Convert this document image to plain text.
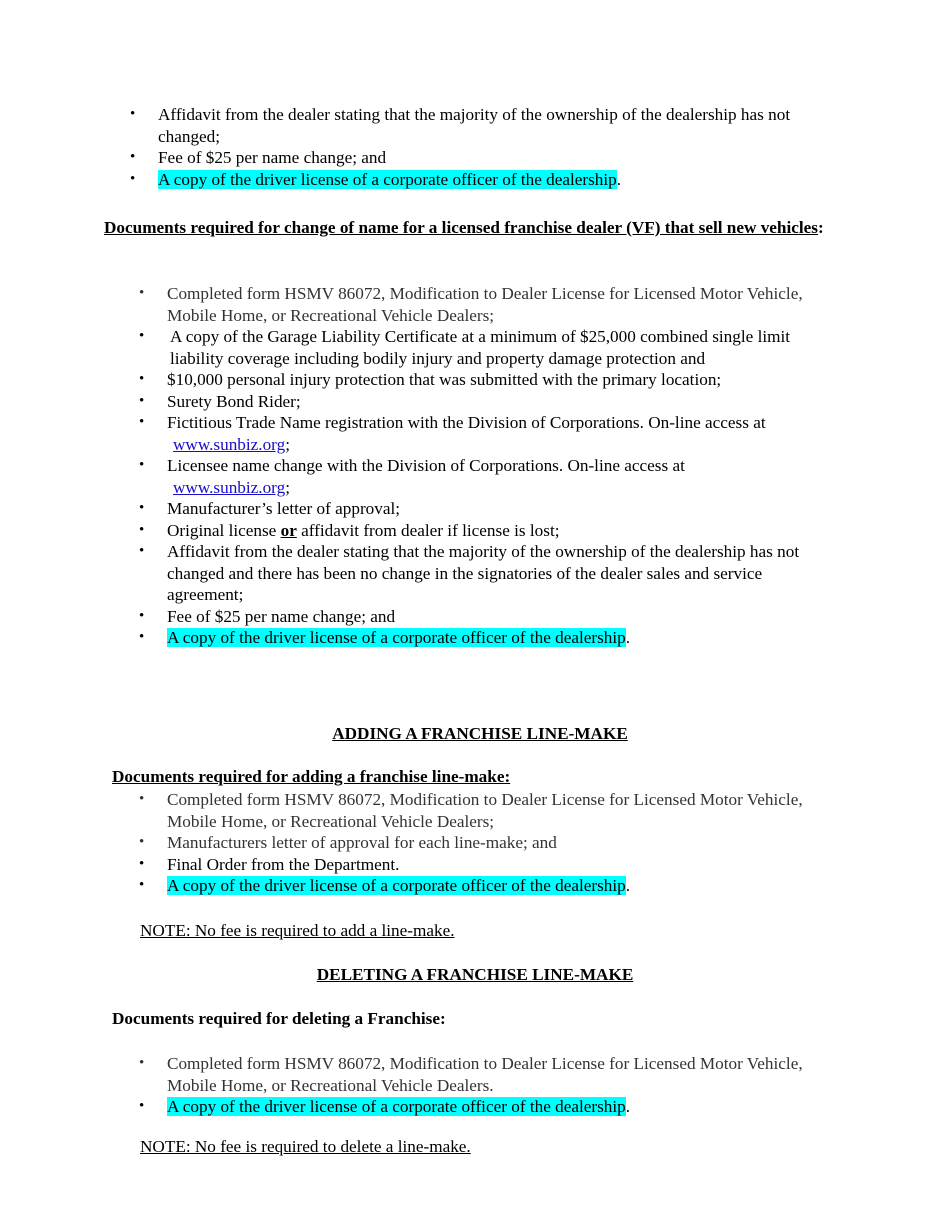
• Affidavit from the dealer stating that the majority of the ownership of the dealership has not changed;
• Fee of $25 per name change; and
• A copy of the driver license of a corporate officer of the dealership.
Documents required for change of name for a licensed franchise dealer (VF) that sell new vehicles:
• Completed form HSMV 86072, Modification to Dealer License for Licensed Motor Vehicle, Mobile Home, or Recreational Vehicle Dealers;
• A copy of the Garage Liability Certificate at a minimum of $25,000 combined single limit liability coverage including bodily injury and property damage protection and
• $10,000 personal injury protection that was submitted with the primary location;
• Surety Bond Rider;
• Fictitious Trade Name registration with the Division of Corporations. On-line access at
www.sunbiz.org;
• Licensee name change with the Division of Corporations. On-line access at
www.sunbiz.org;
• Manufacturer’s letter of approval;
• Original license or affidavit from dealer if license is lost;
• Affidavit from the dealer stating that the majority of the ownership of the dealership has not changed and there has been no change in the signatories of the dealer sales and service agreement;
• Fee of $25 per name change; and
• A copy of the driver license of a corporate officer of the dealership.
ADDING A FRANCHISE LINE-MAKE
Documents required for adding a franchise line-make:
• Completed form HSMV 86072, Modification to Dealer License for Licensed Motor Vehicle, Mobile Home, or Recreational Vehicle Dealers;
• Manufacturers letter of approval for each line-make; and
• Final Order from the Department.
• A copy of the driver license of a corporate officer of the dealership.
NOTE: No fee is required to add a line-make.
DELETING A FRANCHISE LINE-MAKE
Documents required for deleting a Franchise:
• Completed form HSMV 86072, Modification to Dealer License for Licensed Motor Vehicle, Mobile Home, or Recreational Vehicle Dealers.
• A copy of the driver license of a corporate officer of the dealership.
NOTE: No fee is required to delete a line-make.
